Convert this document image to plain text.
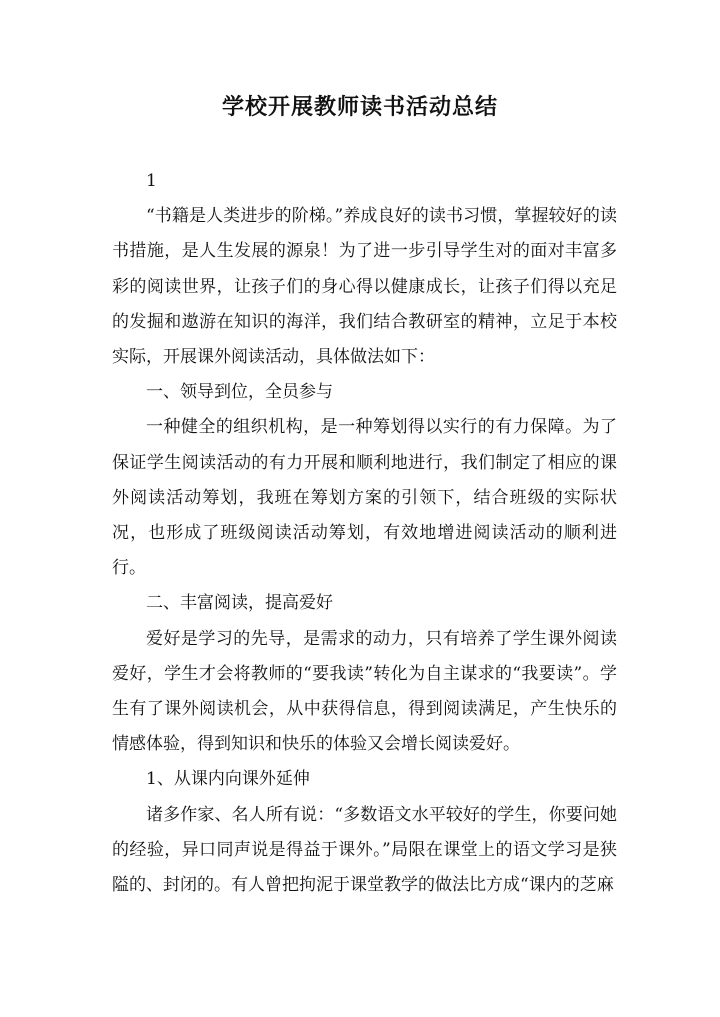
学校开展教师读书活动总结

1

“书籍是人类进步的阶梯。”养成良好的读书习惯，掌握较好的读书措施，是人生发展的源泉！为了进一步引导学生对的面对丰富多彩的阅读世界，让孩子们的身心得以健康成长，让孩子们得以充足的发掘和遨游在知识的海洋，我们结合教研室的精神，立足于本校实际，开展课外阅读活动，具体做法如下：

一、领导到位，全员参与

一种健全的组织机构，是一种筹划得以实行的有力保障。为了保证学生阅读活动的有力开展和顺利地进行，我们制定了相应的课外阅读活动筹划，我班在筹划方案的引领下，结合班级的实际状况，也形成了班级阅读活动筹划，有效地增进阅读活动的顺利进行。

二、丰富阅读，提高爱好

爱好是学习的先导，是需求的动力，只有培养了学生课外阅读爱好，学生才会将教师的“要我读”转化为自主谋求的“我要读”。学生有了课外阅读机会，从中获得信息，得到阅读满足，产生快乐的情感体验，得到知识和快乐的体验又会增长阅读爱好。

1、从课内向课外延伸

诸多作家、名人所有说：“多数语文水平较好的学生，你要问她的经验，异口同声说是得益于课外。”局限在课堂上的语文学习是狭隘的、封闭的。有人曾把拘泥于课堂教学的做法比方成“课内的芝麻
